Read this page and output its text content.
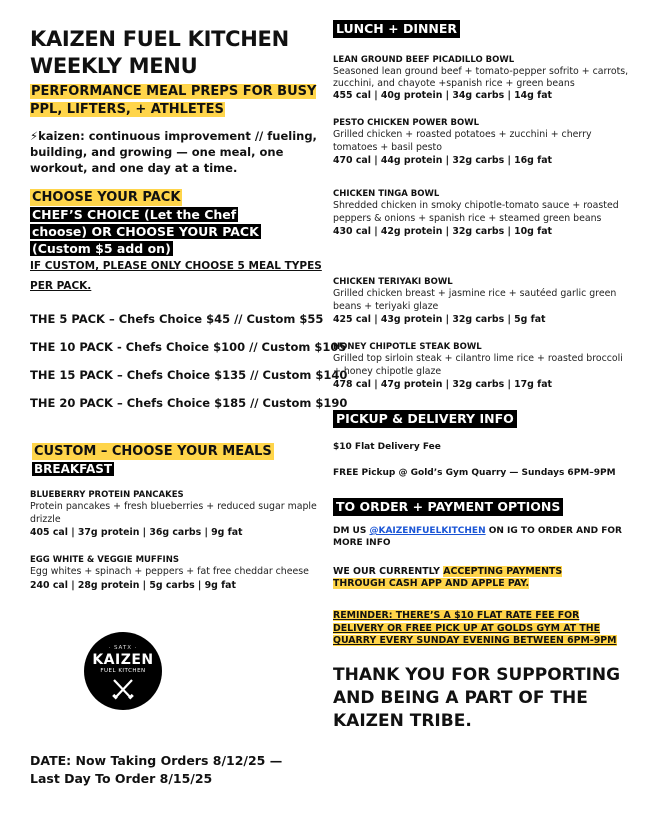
KAIZEN FUEL KITCHEN
WEEKLY MENU
PERFORMANCE MEAL PREPS FOR BUSY PPL, LIFTERS, + ATHLETES
⚡kaizen: continuous improvement // fueling, building, and growing — one meal, one workout, and one day at a time.
CHOOSE YOUR PACK
CHEF’S CHOICE (Let the Chef
choose) OR CHOOSE YOUR PACK
(Custom $5 add on)
IF CUSTOM, PLEASE ONLY CHOOSE 5 MEAL TYPES
PER PACK.
THE 5 PACK – Chefs Choice $45 // Custom $55
THE 10 PACK - Chefs Choice $100 // Custom $105
THE 15 PACK – Chefs Choice $135 // Custom $140
THE 20 PACK – Chefs Choice $185 // Custom $190
CUSTOM – CHOOSE YOUR MEALS
BREAKFAST
BLUEBERRY PROTEIN PANCAKES
Protein pancakes + fresh blueberries + reduced sugar maple drizzle
405 cal | 37g protein | 36g carbs | 9g fat
EGG WHITE & VEGGIE MUFFINS
Egg whites + spinach + peppers + fat free cheddar cheese
240 cal | 28g protein | 5g carbs | 9g fat
· SATX ·
KAIZEN
FUEL KITCHEN
DATE: Now Taking Orders 8/12/25 —
Last Day To Order 8/15/25
LUNCH + DINNER
LEAN GROUND BEEF PICADILLO BOWL
Seasoned lean ground beef + tomato-pepper sofrito + carrots, zucchini, and chayote +spanish rice + green beans
455 cal | 40g protein | 34g carbs | 14g fat
PESTO CHICKEN POWER BOWL
Grilled chicken + roasted potatoes + zucchini + cherry tomatoes + basil pesto
470 cal | 44g protein | 32g carbs | 16g fat
CHICKEN TINGA BOWL
Shredded chicken in smoky chipotle-tomato sauce + roasted peppers & onions + spanish rice + steamed green beans
430 cal | 42g protein | 32g carbs | 10g fat
CHICKEN TERIYAKI BOWL
Grilled chicken breast + jasmine rice + sautéed garlic green beans + teriyaki glaze
425 cal | 43g protein | 32g carbs | 5g fat
HONEY CHIPOTLE STEAK BOWL
Grilled top sirloin steak + cilantro lime rice + roasted broccoli + honey chipotle glaze
478 cal | 47g protein | 32g carbs | 17g fat
PICKUP & DELIVERY INFO
$10 Flat Delivery Fee
FREE Pickup @ Gold’s Gym Quarry — Sundays 6PM–9PM
TO ORDER + PAYMENT OPTIONS
DM US @KAIZENFUELKITCHEN ON IG TO ORDER AND FOR MORE INFO
WE OUR CURRENTLY ACCEPTING PAYMENTS THROUGH CASH APP AND APPLE PAY.
REMINDER: THERE’S A $10 FLAT RATE FEE FOR DELIVERY OR FREE PICK UP AT GOLDS GYM AT THE QUARRY EVERY SUNDAY EVENING BETWEEN 6PM-9PM
THANK YOU FOR SUPPORTING
AND BEING A PART OF THE
KAIZEN TRIBE.
